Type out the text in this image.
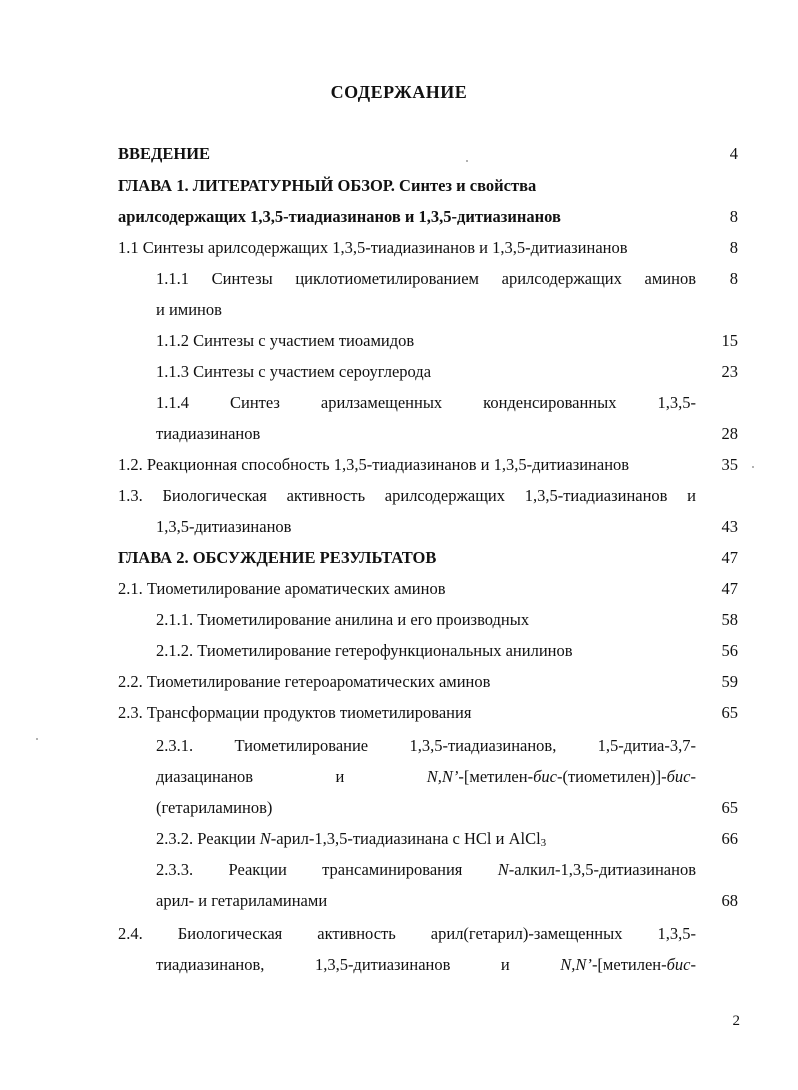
СОДЕРЖАНИЕ
ВВЕДЕНИЕ	4
ГЛАВА 1. ЛИТЕРАТУРНЫЙ ОБЗОР. Синтез и свойства
арилсодержащих 1,3,5-тиадиазинанов и 1,3,5-дитиазинанов	8
1.1 Синтезы арилсодержащих 1,3,5-тиадиазинанов и 1,3,5-дитиазинанов	8
1.1.1 Синтезы циклотиометилированием арилсодержащих аминов	8
и иминов
1.1.2 Синтезы с участием тиоамидов	15
1.1.3 Синтезы с участием сероуглерода	23
1.1.4 Синтез арилзамещенных конденсированных 1,3,5-
тиадиазинанов	28
1.2. Реакционная способность 1,3,5-тиадиазинанов и 1,3,5-дитиазинанов	35
1.3. Биологическая активность арилсодержащих 1,3,5-тиадиазинанов и
1,3,5-дитиазинанов	43
ГЛАВА 2. ОБСУЖДЕНИЕ РЕЗУЛЬТАТОВ	47
2.1. Тиометилирование ароматических аминов	47
2.1.1. Тиометилирование анилина и его производных	58
2.1.2. Тиометилирование гетерофункциональных анилинов	56
2.2. Тиометилирование гетероароматических аминов	59
2.3. Трансформации продуктов тиометилирования	65
2.3.1. Тиометилирование 1,3,5-тиадиазинанов, 1,5-дитиа-3,7-
диазацинанов и N,N’-[метилен-бис-(тиометилен)]-бис-
(гетариламинов)	65
2.3.2. Реакции N-арил-1,3,5-тиадиазинана с HCl и AlCl$_3$	66
2.3.3. Реакции трансаминирования N-алкил-1,3,5-дитиазинанов
арил- и гетариламинами	68
2.4. Биологическая активность арил(гетарил)-замещенных 1,3,5-
тиадиазинанов, 1,3,5-дитиазинанов и N,N’-[метилен-бис-
2
